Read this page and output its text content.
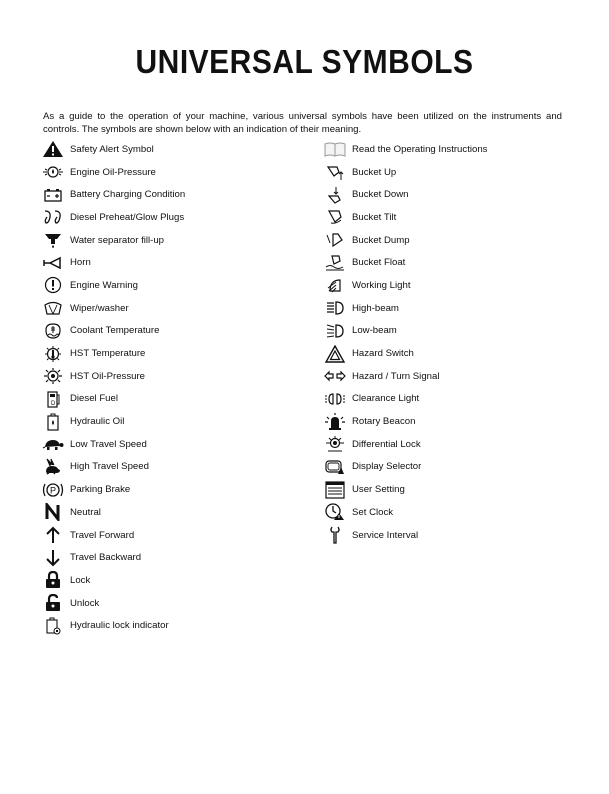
UNIVERSAL SYMBOLS

As a guide to the operation of your machine, various universal symbols have been utilized on the instruments and controls. The symbols are shown below with an indication of their meaning.

Safety Alert Symbol
Engine Oil-Pressure
Battery Charging Condition
Diesel Preheat/Glow Plugs
Water separator fill-up
Horn
Engine Warning
Wiper/washer
Coolant Temperature
HST Temperature
HST Oil-Pressure
D Diesel Fuel
Hydraulic Oil
Low Travel Speed
High Travel Speed
P Parking Brake
Neutral
Travel Forward
Travel Backward
Lock
Unlock
Hydraulic lock indicator
Read the Operating Instructions
Bucket Up
Bucket Down
Bucket Tilt
Bucket Dump
Bucket Float
Working Light
High-beam
Low-beam
Hazard Switch
Hazard / Turn Signal
Clearance Light
Rotary Beacon
Differential Lock
Display Selector
User Setting
Set Clock
Service Interval
